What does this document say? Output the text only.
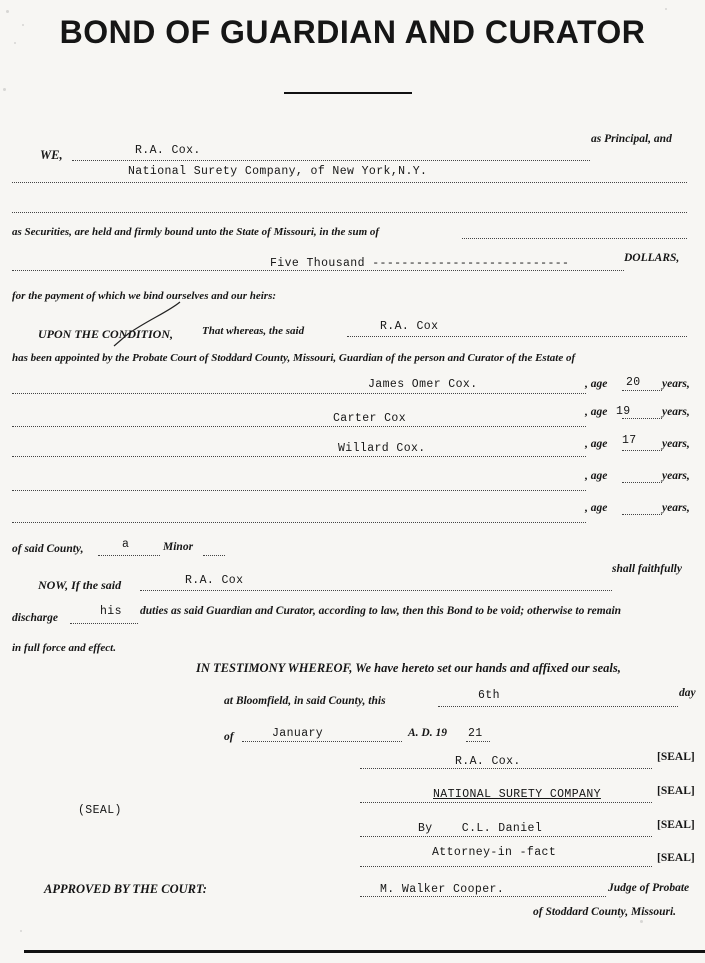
BOND OF GUARDIAN AND CURATOR
WE,	R.A. Cox.
as Principal, and
National Surety Company, of New York,N.Y.
as Securities, are held and firmly bound unto the State of Missouri, in the sum of
Five Thousand ---------------------------	DOLLARS,
for the payment of which we bind ourselves and our heirs:
UPON THE CONDITION,	That whereas, the said	R.A. Cox
has been appointed by the Probate Court of Stoddard County, Missouri, Guardian of the person and Curator of the Estate of
James Omer Cox.	, age 20 years,
Carter Cox	, age 19	years,
Willard Cox.	, age 17 years,
, age	years,
, age	years,
of said County,	a	Minor
NOW, If the said	R.A. Cox
shall faithfully
discharge	his duties as said Guardian and Curator, according to law, then this Bond to be void; otherwise to remain
in full force and effect.
IN TESTIMONY WHEREOF, We have hereto set our hands and affixed our seals,
at Bloomfield, in said County, this	6th	day
of	January	A. D. 19 21
R.A. Cox.	[SEAL]
NATIONAL SURETY COMPANY	[SEAL]
By    C.L. Daniel	[SEAL]
Attorney-in -fact	[SEAL]
(SEAL)
APPROVED BY THE COURT:	M. Walker Cooper.	Judge of Probate
of Stoddard County, Missouri.
